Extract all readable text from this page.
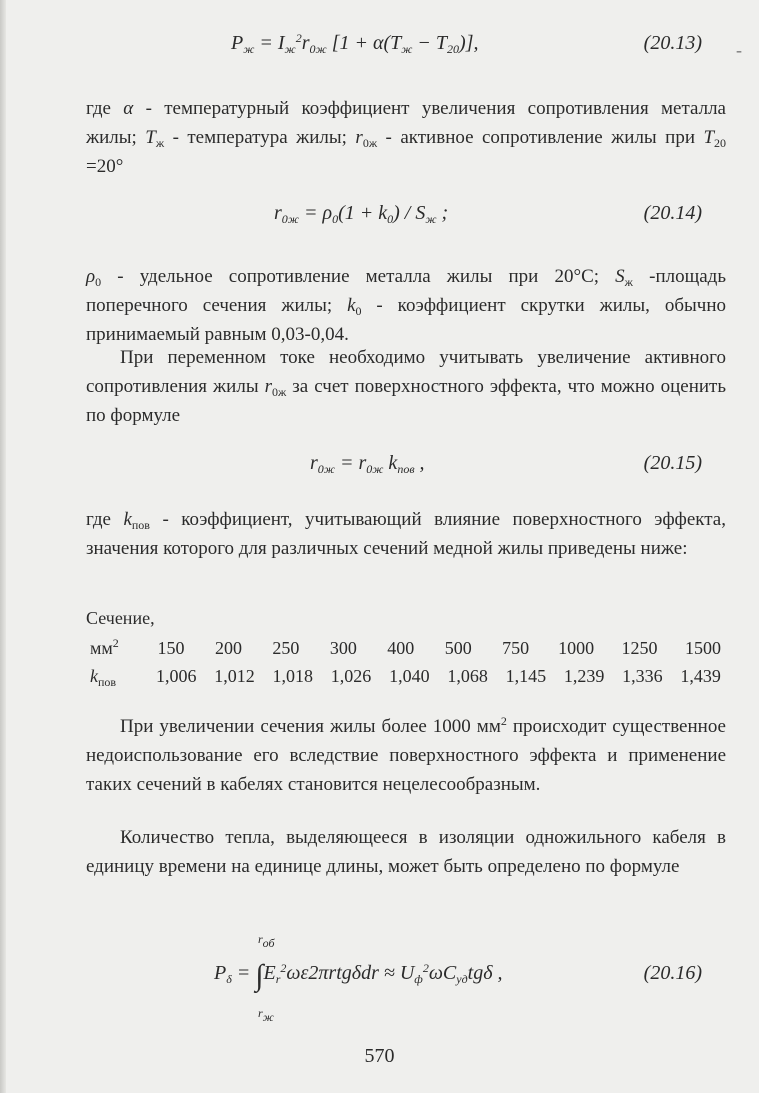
-
$P_ж = I_ж^2r_{0ж}$ $[1 + \alpha(T_ж - T_{20})]$,	(20.13)

где α - температурный коэффициент увеличения сопротивления металла жилы; $T_ж$ - температура жилы; $r_{0ж}$ - активное сопротивление жилы при $T_{20} =20^\circ$

$r_{0ж} = \rho_0(1 + k_0) / S_ж$ ;	(20.14)

$\rho_0$ - удельное сопротивление металла жилы при 20°С; $S_ж$ -площадь поперечного сечения жилы; $k_0$ - коэффициент скрутки жилы, обычно принимаемый равным 0,03-0,04.

При переменном токе необходимо учитывать увеличение активного сопротивления жилы $r_{0ж}$ за счет поверхностного эффекта, что можно оценить по формуле

$r_{0ж} = r_{0ж}$ $k_{пов}$ ,	(20.15)

где $k_{пов}$ - коэффициент, учитывающий влияние поверхностного эффекта, значения которого для различных сечений медной жилы приведены ниже:

Сечение,
$мм^2$ 150 200 250 300 400 500 750 1000 1250 1500
$k_{пов}$ 1,006 1,012 1,018 1,026 1,040 1,068 1,145 1,239 1,336 1,439

При увеличении сечения жилы более 1000 $мм^2$ происходит существенное недоиспользование его вследствие поверхностного эффекта и применение таких сечений в кабелях становится нецелесообразным.

Количество тепла, выделяющееся в изоляции одножильного кабеля в единицу времени на единице длины, может быть определено по формуле

$P_\delta = \int E_r^2\omega\varepsilon 2\pi rtg\delta dr \approx U_ф^2\omega C_{уд}tg\delta$ ,
$r_{об}$
$r_ж$
(20.16)
570
